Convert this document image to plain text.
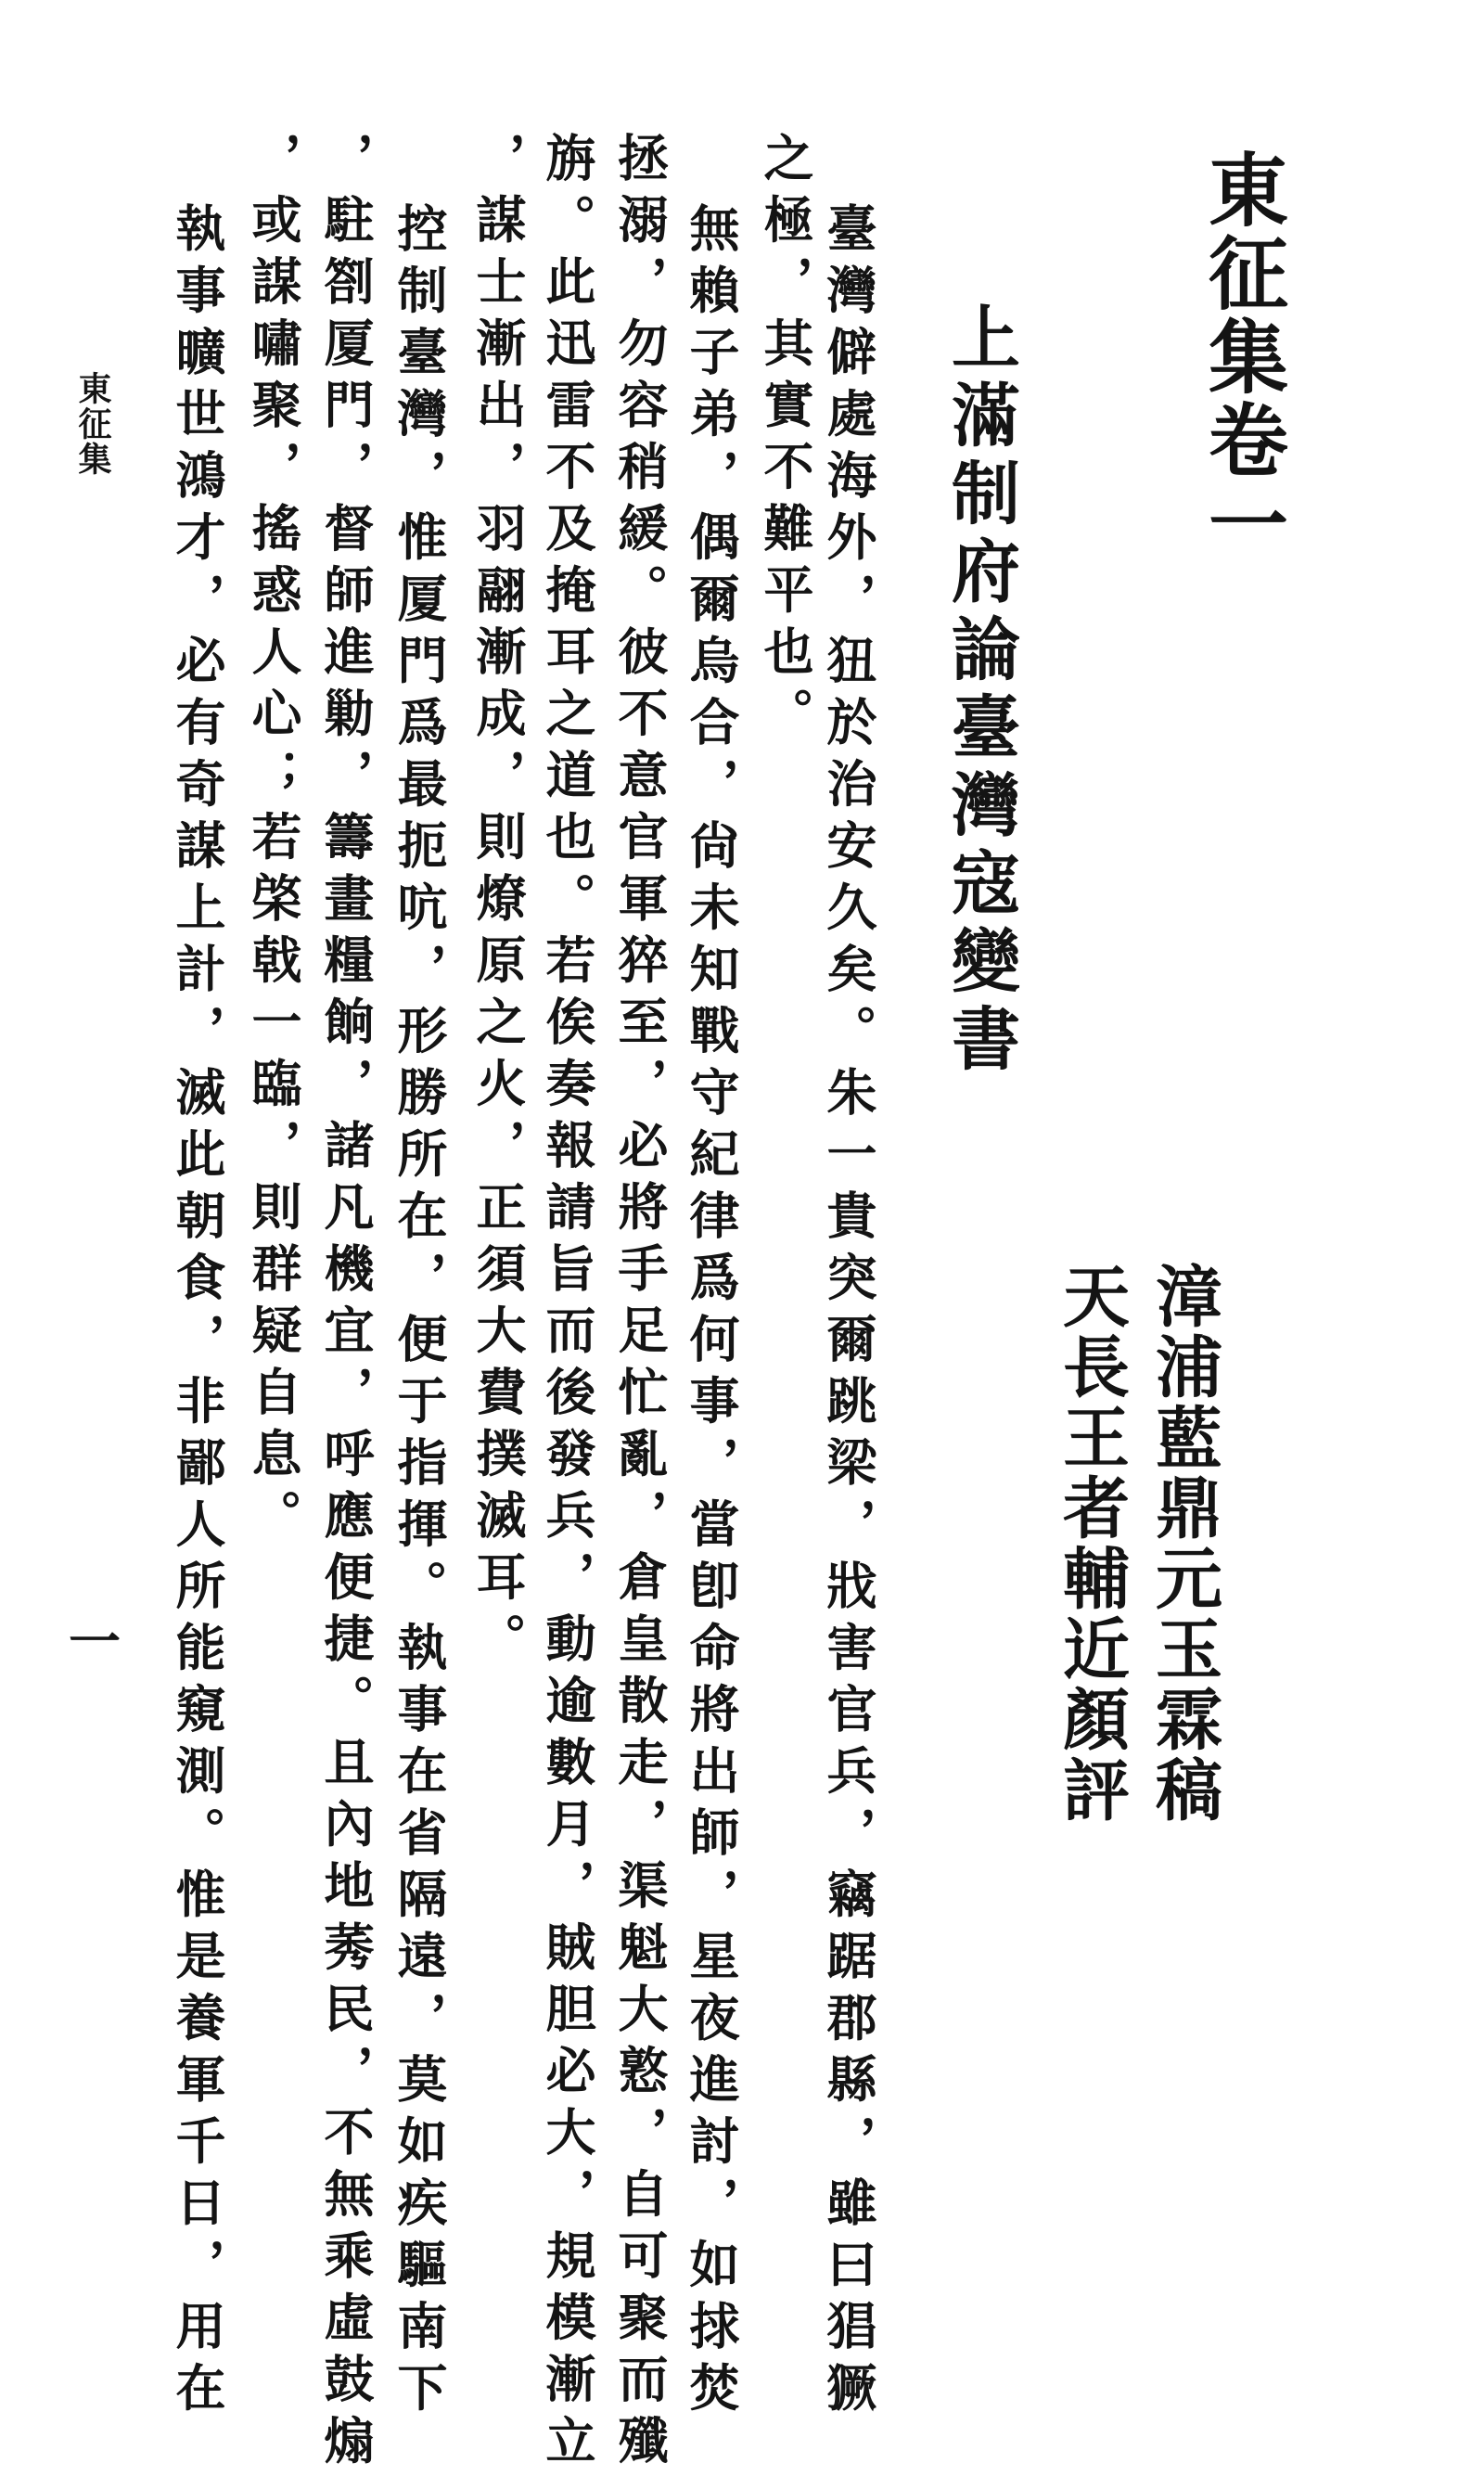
東征集卷一
漳浦藍鼎元玉霖稿
天長王者輔近顏評
上滿制府論臺灣寇變書
臺灣僻處海外，狃於治安久矣。朱一貴突爾跳梁，戕害官兵，竊踞郡縣，雖曰猖獗
之極，其實不難平也。
無賴子弟，偶爾烏合，尙未知戰守紀律爲何事，當卽命將出師，星夜進討，如捄焚
拯溺，勿容稍緩。彼不意官軍猝至，必將手足忙亂，倉皇散走，渠魁大憝，自可聚而殲
旃。此迅雷不及掩耳之道也。若俟奏報請旨而後發兵，動逾數月，賊胆必大，規模漸立
，謀士漸出，羽翮漸成，則燎原之火，正須大費撲滅耳。
控制臺灣，惟厦門爲最扼吭，形勝所在，便于指揮。執事在省隔遠，莫如疾驅南下
，駐劄厦門，督師進勦，籌畫糧餉，諸凡機宜，呼應便捷。且內地莠民，不無乘虛鼓煽
，或謀嘯聚，搖惑人心；若棨戟一臨，則群疑自息。
執事曠世鴻才，必有奇謀上計，滅此朝食，非鄙人所能窺測。惟是養軍千日，用在
東征集
一
